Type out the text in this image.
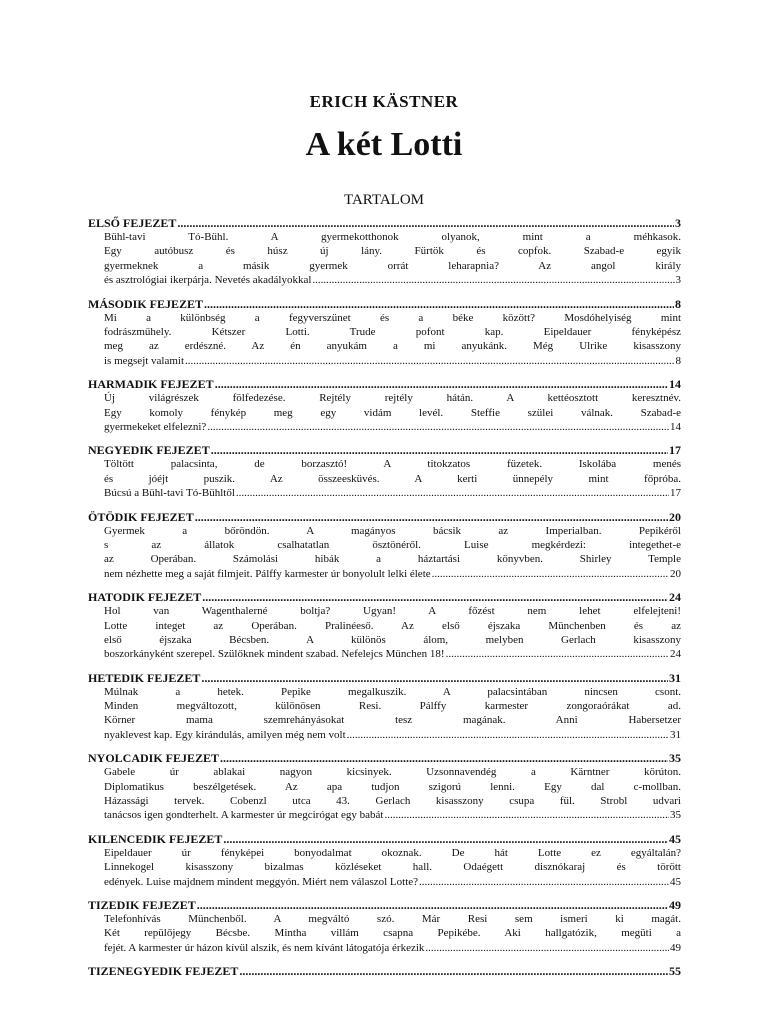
ERICH KÄSTNER
A két Lotti
TARTALOM
ELSŐ FEJEZET .....	3
Bühl-tavi Tó-Bühl. A gyermekotthonok olyanok, mint a méhkasok.
Egy autóbusz és húsz új lány. Fürtök és copfok. Szabad-e egyik
gyermeknek a másik gyermek orrát leharapnia? Az angol király
és asztrológiai ikerpárja. Nevetés akadályokkal .....	3
MÁSODIK FEJEZET .....	8
Mi a különbség a fegyverszünet és a béke között? Mosdóhelyiség mint
fodrászműhely. Kétszer Lotti. Trude pofont kap. Eipeldauer fényképész
meg az erdészné. Az én anyukám a mi anyukánk. Még Ulrike kisasszony
is megsejt valamit .....	8
HARMADIK FEJEZET .....	14
Új világrészek fölfedezése. Rejtély rejtély hátán. A kettéosztott keresztnév.
Egy komoly fénykép meg egy vidám levél. Steffie szülei válnak. Szabad-e
gyermekeket elfelezni? .....	14
NEGYEDIK FEJEZET .....	17
Töltött palacsinta, de borzasztó! A titokzatos füzetek. Iskolába menés
és jóéjt puszik. Az összeesküvés. A kerti ünnepély mint főpróba.
Búcsú a Bühl-tavi Tó-Bühltől .....	17
ÖTÖDIK FEJEZET .....	20
Gyermek a bőröndön. A magányos bácsik az Imperialban. Pepikéről
s az állatok csalhatatlan ösztönéről. Luise megkérdezi: integethet-e
az Operában. Számolási hibák a háztartási könyvben. Shirley Temple
nem nézhette meg a saját filmjeit. Pálffy karmester úr bonyolult lelki élete .....	20
HATODIK FEJEZET .....	24
Hol van Wagenthalerné boltja? Ugyan! A főzést nem lehet elfelejteni!
Lotte integet az Operában. Pralinéeső. Az első éjszaka Münchenben és az
első éjszaka Bécsben. A különös álom, melyben Gerlach kisasszony
boszorkányként szerepel. Szülőknek mindent szabad. Nefelejcs München 18! .....	24
HETEDIK FEJEZET .....	31
Múlnak a hetek. Pepike megalkuszik. A palacsintában nincsen csont.
Minden megváltozott, különösen Resi. Pálffy karmester zongoraórákat ad.
Körner mama szemrehányásokat tesz magának. Anni Habersetzer
nyaklevest kap. Egy kirándulás, amilyen még nem volt .....	31
NYOLCADIK FEJEZET .....	35
Gabele úr ablakai nagyon kicsinyek. Uzsonnavendég a Kärntner körúton.
Diplomatikus beszélgetések. Az apa tudjon szigorú lenni. Egy dal c-mollban.
Házassági tervek. Cobenzl utca 43. Gerlach kisasszony csupa fül. Strobl udvari
tanácsos igen gondterhelt. A karmester úr megcirógat egy babát .....	35
KILENCEDIK FEJEZET .....	45
Eipeldauer úr fényképei bonyodalmat okoznak. De hát Lotte ez egyáltalán?
Linnekogel kisasszony bizalmas közléseket hall. Odaégett disznókaraj és törött
edények. Luise majdnem mindent meggyón. Miért nem válaszol Lotte? .....	45
TIZEDIK FEJEZET .....	49
Telefonhívás Münchenből. A megváltó szó. Már Resi sem ismeri ki magát.
Két repülőjegy Bécsbe. Mintha villám csapna Pepikébe. Aki hallgatózik, megüti a
fejét. A karmester úr házon kívül alszik, és nem kívánt látogatója érkezik .....	49
TIZENEGYEDIK FEJEZET .....	55
